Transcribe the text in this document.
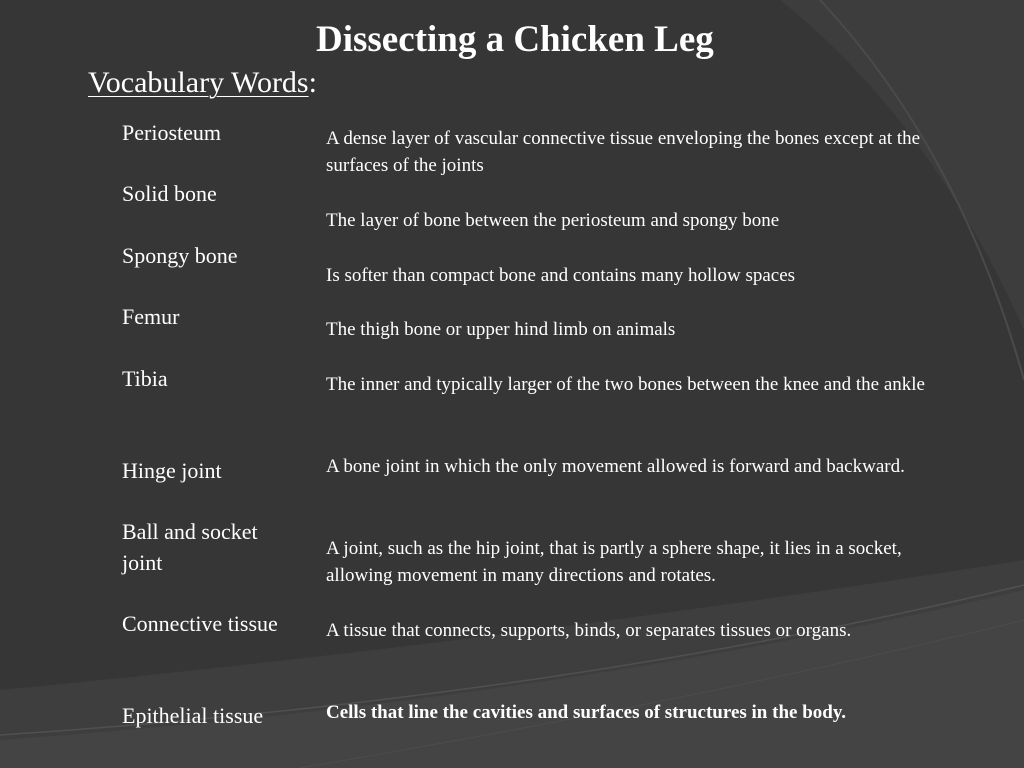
Dissecting a Chicken Leg
Vocabulary Words:
Periosteum
Solid bone
Spongy bone
Femur
Tibia
Hinge joint
Ball and socket joint
Connective tissue
Epithelial tissue
A dense layer of vascular connective tissue enveloping the bones except at the surfaces of the joints
The layer of bone between the periosteum and spongy bone
Is softer than compact bone and contains many hollow spaces
The thigh bone or upper hind limb on animals
The inner and typically larger of the two bones between the knee and the ankle
A bone joint in which the only movement allowed is forward and backward.
A joint, such as the hip joint, that is partly a sphere shape, it lies in a socket, allowing movement in many directions and rotates.
A tissue that connects, supports, binds, or separates tissues or organs.
Cells that line the cavities and surfaces of structures in the body.
